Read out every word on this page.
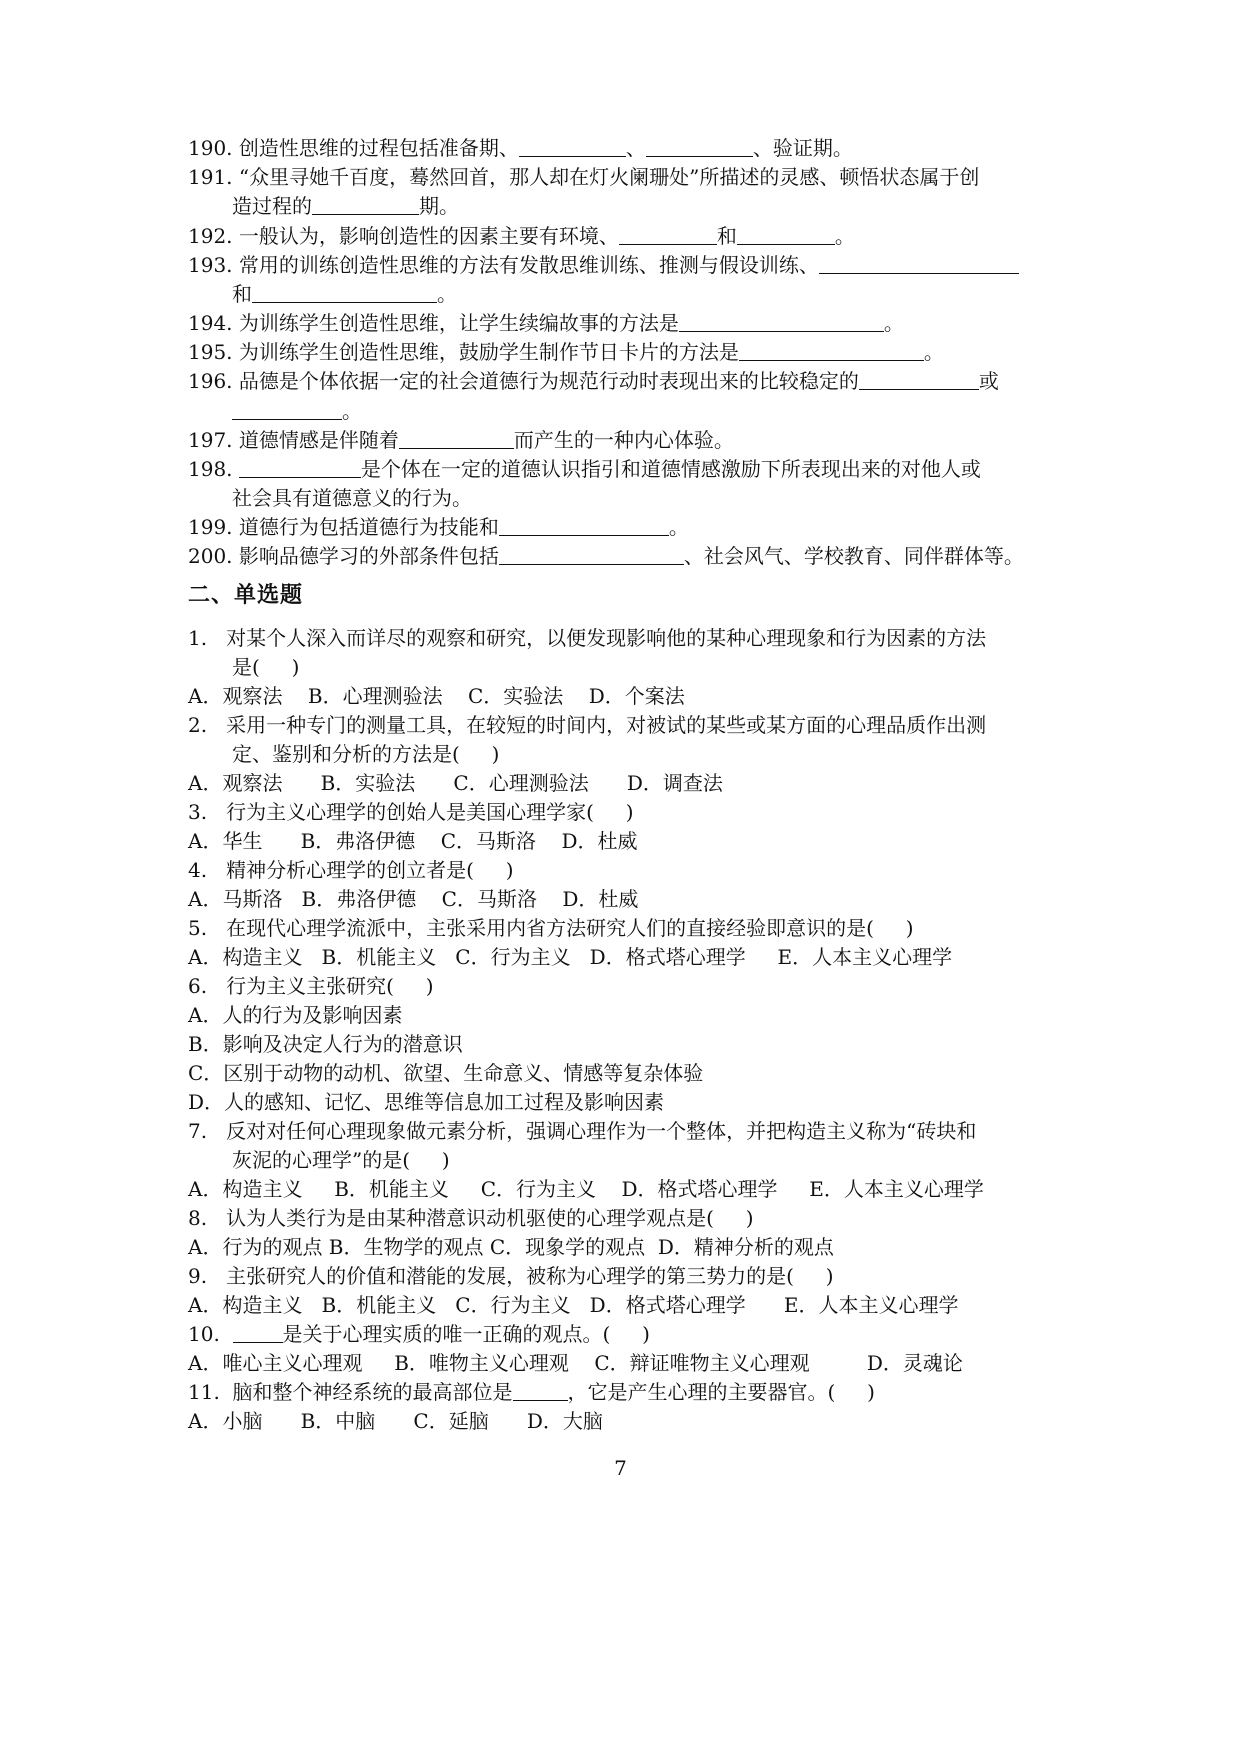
190. 创造性思维的过程包括准备期、	、	、验证期。
191. “众里寻她千百度，蓦然回首，那人却在灯火阑珊处”所描述的灵感、顿悟状态属于创
造过程的	期。
192. 一般认为，影响创造性的因素主要有环境、	和	。
193. 常用的训练创造性思维的方法有发散思维训练、推测与假设训练、
和	。
194. 为训练学生创造性思维，让学生续编故事的方法是	。
195. 为训练学生创造性思维，鼓励学生制作节日卡片的方法是	。
196. 品德是个体依据一定的社会道德行为规范行动时表现出来的比较稳定的	或
。
197. 道德情感是伴随着	而产生的一种内心体验。
198.	是个体在一定的道德认识指引和道德情感激励下所表现出来的对他人或
社会具有道德意义的行为。
199. 道德行为包括道德行为技能和	。
200. 影响品德学习的外部条件包括	、社会风气、学校教育、同伴群体等。
二、单选题
1.   对某个人深入而详尽的观察和研究，以便发现影响他的某种心理现象和行为因素的方法
是(     )
A．观察法    B．心理测验法    C．实验法    D．个案法
2.   采用一种专门的测量工具，在较短的时间内，对被试的某些或某方面的心理品质作出测
定、鉴别和分析的方法是(     )
A．观察法      B．实验法      C．心理测验法      D．调查法
3.   行为主义心理学的创始人是美国心理学家(     )
A．华生      B．弗洛伊德    C．马斯洛    D．杜威
4.   精神分析心理学的创立者是(     )
A．马斯洛   B．弗洛伊德    C．马斯洛    D．杜威
5.   在现代心理学流派中，主张采用内省方法研究人们的直接经验即意识的是(     )
A．构造主义   B．机能主义   C．行为主义   D．格式塔心理学     E．人本主义心理学
6.   行为主义主张研究(     )
A．人的行为及影响因素
B．影响及决定人行为的潜意识
C．区别于动物的动机、欲望、生命意义、情感等复杂体验
D．人的感知、记忆、思维等信息加工过程及影响因素
7.   反对对任何心理现象做元素分析，强调心理作为一个整体，并把构造主义称为“砖块和
灰泥的心理学”的是(     )
A．构造主义     B．机能主义     C．行为主义    D．格式塔心理学     E．人本主义心理学
8.   认为人类行为是由某种潜意识动机驱使的心理学观点是(     )
A．行为的观点 B．生物学的观点 C．现象学的观点  D．精神分析的观点
9.   主张研究人的价值和潜能的发展，被称为心理学的第三势力的是(     )
A．构造主义   B．机能主义   C．行为主义   D．格式塔心理学      E．人本主义心理学
10.	是关于心理实质的唯一正确的观点。(     )
A．唯心主义心理观     B．唯物主义心理观    C．辩证唯物主义心理观         D．灵魂论
11.  脑和整个神经系统的最高部位是	，它是产生心理的主要器官。(     )
A．小脑      B．中脑      C．延脑      D．大脑
7
